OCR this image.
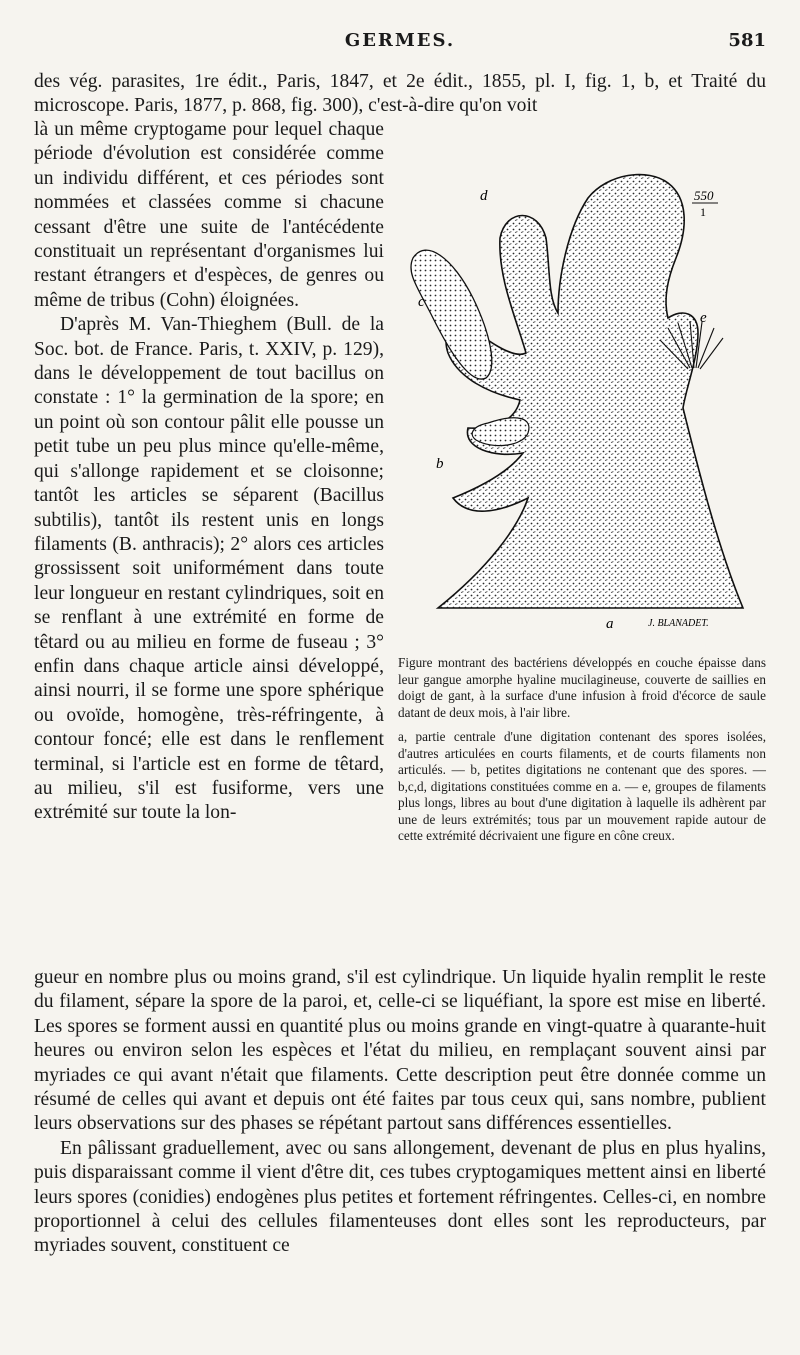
GERMES.	581
des vég. parasites, 1re édit., Paris, 1847, et 2e édit., 1855, pl. I, fig. 1, b, et Traité du microscope. Paris, 1877, p. 868, fig. 300), c'est-à-dire qu'on voit

là un même cryptogame pour lequel chaque période d'évolution est considérée comme un individu différent, et ces périodes sont nommées et classées comme si chacune cessant d'être une suite de l'antécédente constituait un représentant d'organismes lui restant étrangers et d'espèces, de genres ou même de tribus (Cohn) éloignées.

D'après M. Van-Thieghem (Bull. de la Soc. bot. de France. Paris, t. XXIV, p. 129), dans le développement de tout bacillus on constate : 1° la germination de la spore; en un point où son contour pâlit elle pousse un petit tube un peu plus mince qu'elle-même, qui s'allonge rapidement et se cloisonne; tantôt les articles se séparent (Bacillus subtilis), tantôt ils restent unis en longs filaments (B. anthracis); 2° alors ces articles grossissent soit uniformément dans toute leur longueur en restant cylindriques, soit en se renflant à une extrémité en forme de têtard ou au milieu en forme de fuseau ; 3° enfin dans chaque article ainsi développé, ainsi nourri, il se forme une spore sphérique ou ovoïde, homogène, très-réfringente, à contour foncé; elle est dans le renflement terminal, si l'article est en forme de têtard, au milieu, s'il est fusiforme, vers une extrémité sur toute la lon-

d
c
e
b
a
550
1
J. BLANADET.

Figure montrant des bactériens développés en couche épaisse dans leur gangue amorphe hyaline mucilagineuse, couverte de saillies en doigt de gant, à la surface d'une infusion à froid d'écorce de saule datant de deux mois, à l'air libre.

a, partie centrale d'une digitation contenant des spores isolées, d'autres articulées en courts filaments, et de courts filaments non articulés. — b, petites digitations ne contenant que des spores. — b,c,d, digitations constituées comme en a. — e, groupes de filaments plus longs, libres au bout d'une digitation à laquelle ils adhèrent par une de leurs extrémités; tous par un mouvement rapide autour de cette extrémité décrivaient une figure en cône creux.

gueur en nombre plus ou moins grand, s'il est cylindrique. Un liquide hyalin remplit le reste du filament, sépare la spore de la paroi, et, celle-ci se liquéfiant, la spore est mise en liberté. Les spores se forment aussi en quantité plus ou moins grande en vingt-quatre à quarante-huit heures ou environ selon les espèces et l'état du milieu, en remplaçant souvent ainsi par myriades ce qui avant n'était que filaments. Cette description peut être donnée comme un résumé de celles qui avant et depuis ont été faites par tous ceux qui, sans nombre, publient leurs observations sur des phases se répétant partout sans différences essentielles.

En pâlissant graduellement, avec ou sans allongement, devenant de plus en plus hyalins, puis disparaissant comme il vient d'être dit, ces tubes cryptogamiques mettent ainsi en liberté leurs spores (conidies) endogènes plus petites et fortement réfringentes. Celles-ci, en nombre proportionnel à celui des cellules filamenteuses dont elles sont les reproducteurs, par myriades souvent, constituent ce
